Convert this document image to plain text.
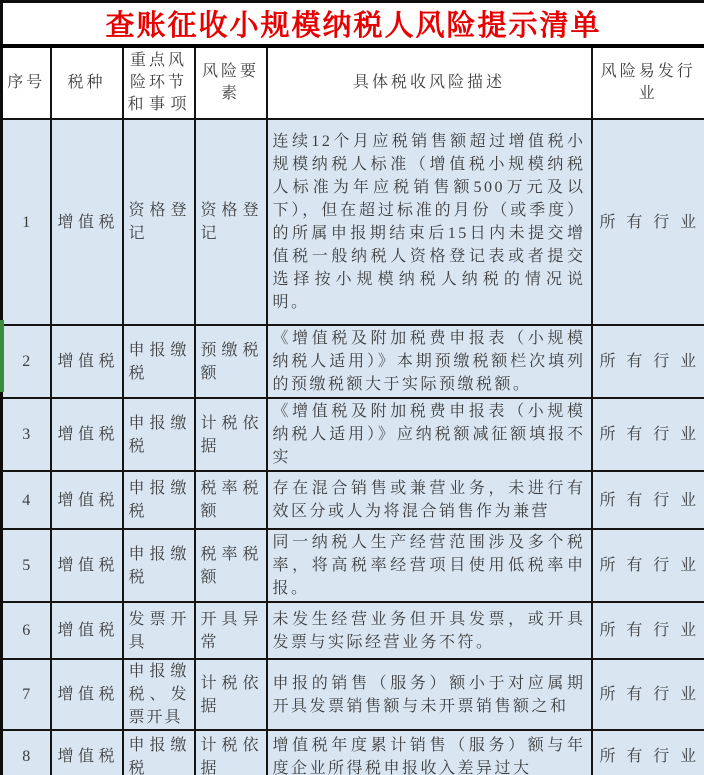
查账征收小规模纳税人风险提示清单					
序号	税种	重点风险环节和事项	风险要素	具体税收风险描述	风险易发行业
1	增值税	资格登记	资格登记	连续12个月应税销售额超过增值税小规模纳税人标准（增值税小规模纳税人标准为年应税销售额500万元及以下），但在超过标准的月份（或季度）的所属申报期结束后15日内未提交增值税一般纳税人资格登记表或者提交选择按小规模纳税人纳税的情况说明。	所有行业
2	增值税	申报缴税	预缴税额	《增值税及附加税费申报表（小规模纳税人适用）》本期预缴税额栏次填列的预缴税额大于实际预缴税额。	所有行业
3	增值税	申报缴税	计税依据	《增值税及附加税费申报表（小规模纳税人适用）》应纳税额减征额填报不实	所有行业
4	增值税	申报缴税	税率税额	存在混合销售或兼营业务，未进行有效区分或人为将混合销售作为兼营	所有行业
5	增值税	申报缴税	税率税额	同一纳税人生产经营范围涉及多个税率，将高税率经营项目使用低税率申报。	所有行业
6	增值税	发票开具	开具异常	未发生经营业务但开具发票，或开具发票与实际经营业务不符。	所有行业
7	增值税	申报缴税、发票开具	计税依据	申报的销售（服务）额小于对应属期开具发票销售额与未开票销售额之和	所有行业
8	增值税	申报缴税	计税依据	增值税年度累计销售（服务）额与年度企业所得税申报收入差异过大	所有行业
